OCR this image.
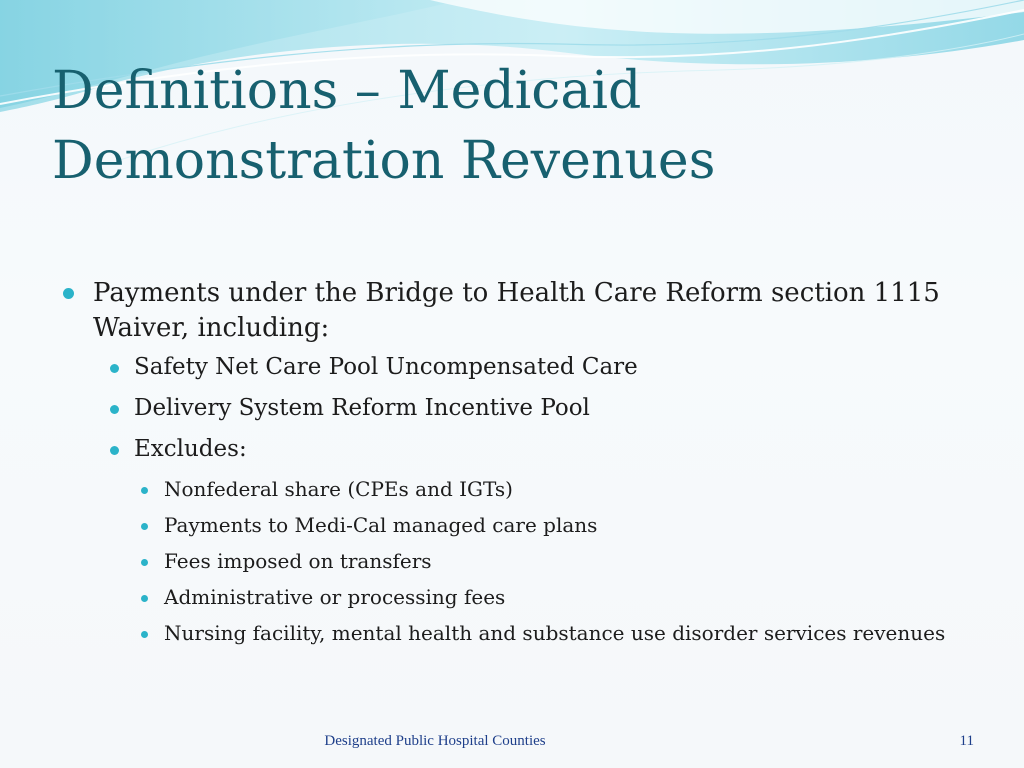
Definitions – Medicaid
Demonstration Revenues
Payments under the Bridge to Health Care Reform section 1115 Waiver, including:
Safety Net Care Pool Uncompensated Care
Delivery System Reform Incentive Pool
Excludes:
Nonfederal share (CPEs and IGTs)
Payments to Medi-Cal managed care plans
Fees imposed on transfers
Administrative or processing fees
Nursing facility, mental health and substance use disorder services revenues
Designated Public Hospital Counties	11
